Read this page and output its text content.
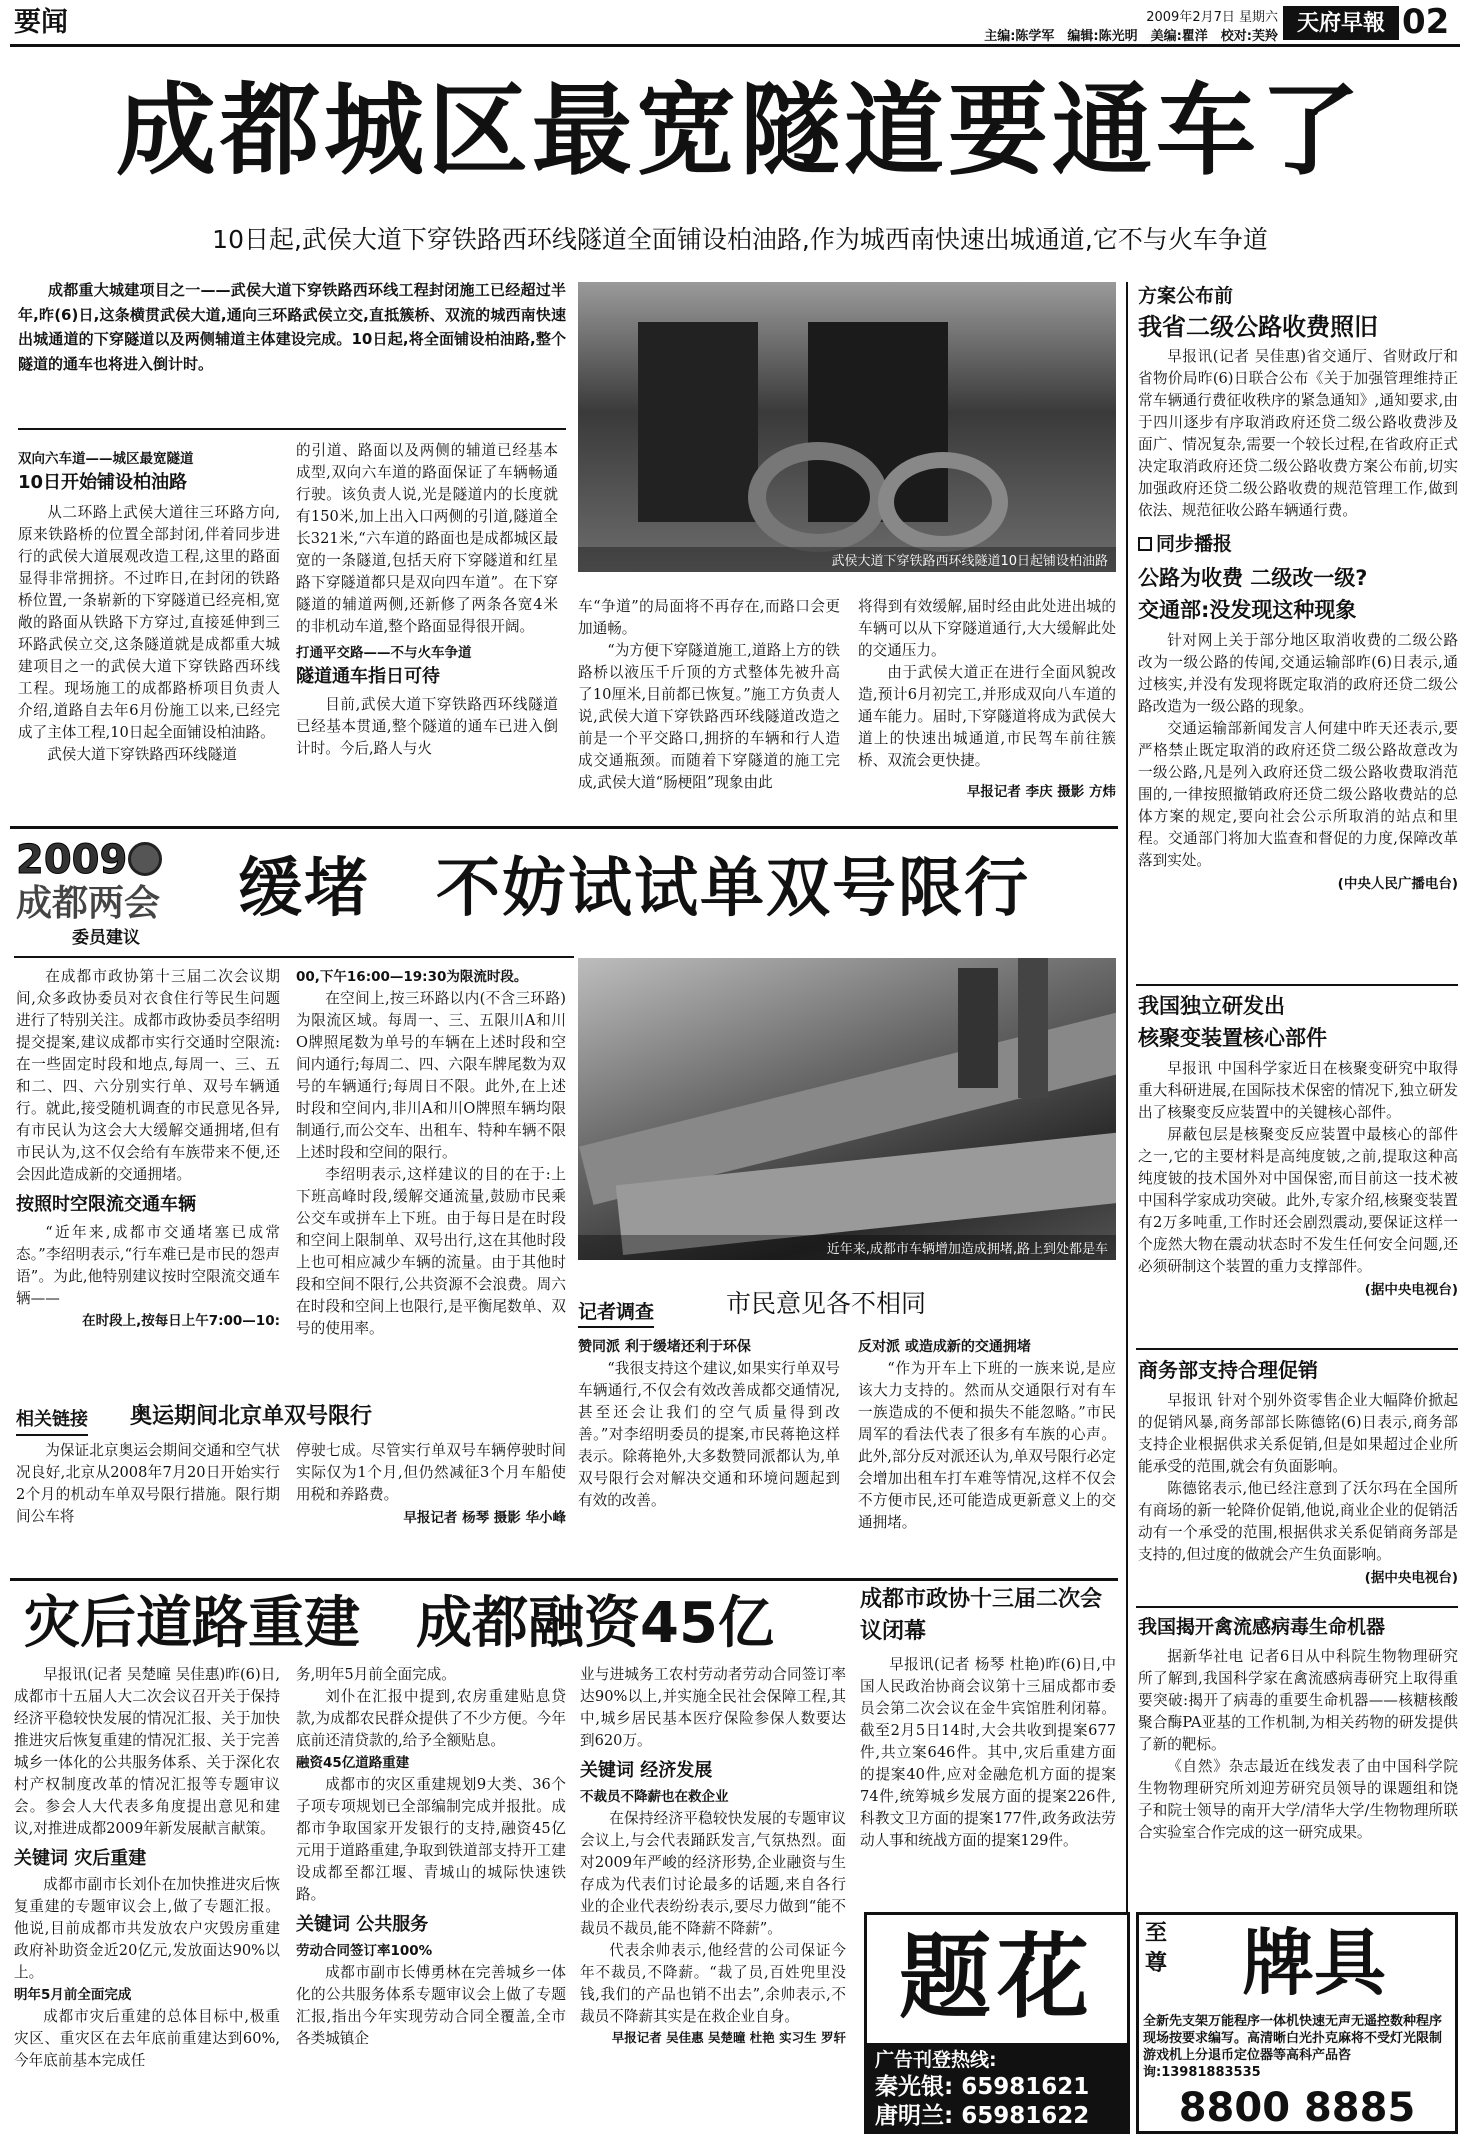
要闻	2009年2月7日 星期六
主编:陈学军　编辑:陈光明　美编:瞿洋　校对:芙羚
天府早報 02
成都城区最宽隧道要通车了
10日起,武侯大道下穿铁路西环线隧道全面铺设柏油路,作为城西南快速出城通道,它不与火车争道
成都重大城建项目之一——武侯大道下穿铁路西环线工程封闭施工已经超过半年,昨(6)日,这条横贯武侯大道,通向三环路武侯立交,直抵簇桥、双流的城西南快速出城通道的下穿隧道以及两侧辅道主体建设完成。10日起,将全面铺设柏油路,整个隧道的通车也将进入倒计时。
武侯大道下穿铁路西环线隧道10日起铺设柏油路
双向六车道——城区最宽隧道
10日开始铺设柏油路
从二环路上武侯大道往三环路方向,原来铁路桥的位置全部封闭,伴着同步进行的武侯大道展观改造工程,这里的路面显得非常拥挤。不过昨日,在封闭的铁路桥位置,一条崭新的下穿隧道已经亮相,宽敞的路面从铁路下方穿过,直接延伸到三环路武侯立交,这条隧道就是成都重大城建项目之一的武侯大道下穿铁路西环线工程。现场施工的成都路桥项目负责人介绍,道路自去年6月份施工以来,已经完成了主体工程,10日起全面铺设柏油路。
武侯大道下穿铁路西环线隧道
的引道、路面以及两侧的辅道已经基本成型,双向六车道的路面保证了车辆畅通行驶。该负责人说,光是隧道内的长度就有150米,加上出入口两侧的引道,隧道全长321米,“六车道的路面也是成都城区最宽的一条隧道,包括天府下穿隧道和红星路下穿隧道都只是双向四车道”。在下穿隧道的辅道两侧,还新修了两条各宽4米的非机动车道,整个路面显得很开阔。
打通平交路——不与火车争道
隧道通车指日可待
目前,武侯大道下穿铁路西环线隧道已经基本贯通,整个隧道的通车已进入倒计时。今后,路人与火
车“争道”的局面将不再存在,而路口会更加通畅。
“为方便下穿隧道施工,道路上方的铁路桥以液压千斤顶的方式整体先被升高了10厘米,目前都已恢复。”施工方负责人说,武侯大道下穿铁路西环线隧道改造之前是一个平交路口,拥挤的车辆和行人造成交通瓶颈。而随着下穿隧道的施工完成,武侯大道“肠梗阻”现象由此
将得到有效缓解,届时经由此处进出城的车辆可以从下穿隧道通行,大大缓解此处的交通压力。
由于武侯大道正在进行全面风貌改造,预计6月初完工,并形成双向八车道的通车能力。届时,下穿隧道将成为武侯大道上的快速出城通道,市民驾车前往簇桥、双流会更快捷。
早报记者 李庆 摄影 方炜
方案公布前
我省二级公路收费照旧
早报讯(记者 吴佳惠)省交通厅、省财政厅和省物价局昨(6)日联合公布《关于加强管理维持正常车辆通行费征收秩序的紧急通知》,通知要求,由于四川逐步有序取消政府还贷二级公路收费涉及面广、情况复杂,需要一个较长过程,在省政府正式决定取消政府还贷二级公路收费方案公布前,切实加强政府还贷二级公路收费的规范管理工作,做到依法、规范征收公路车辆通行费。
同步播报
公路为收费 二级改一级?
交通部:没发现这种现象
针对网上关于部分地区取消收费的二级公路改为一级公路的传闻,交通运输部昨(6)日表示,通过核实,并没有发现将既定取消的政府还贷二级公路改造为一级公路的现象。
交通运输部新闻发言人何建中昨天还表示,要严格禁止既定取消的政府还贷二级公路故意改为一级公路,凡是列入政府还贷二级公路收费取消范围的,一律按照撤销政府还贷二级公路收费站的总体方案的规定,要向社会公示所取消的站点和里程。交通部门将加大监查和督促的力度,保障改革落到实处。
(中央人民广播电台)
我国独立研发出
核聚变装置核心部件
早报讯 中国科学家近日在核聚变研究中取得重大科研进展,在国际技术保密的情况下,独立研发出了核聚变反应装置中的关键核心部件。
屏蔽包层是核聚变反应装置中最核心的部件之一,它的主要材料是高纯度铍,之前,提取这种高纯度铍的技术国外对中国保密,而目前这一技术被中国科学家成功突破。此外,专家介绍,核聚变装置有2万多吨重,工作时还会剧烈震动,要保证这样一个庞然大物在震动状态时不发生任何安全问题,还必须研制这个装置的重力支撑部件。
(据中央电视台)
商务部支持合理促销
早报讯 针对个别外资零售企业大幅降价掀起的促销风暴,商务部部长陈德铭(6)日表示,商务部支持企业根据供求关系促销,但是如果超过企业所能承受的范围,就会有负面影响。
陈德铭表示,他已经注意到了沃尔玛在全国所有商场的新一轮降价促销,他说,商业企业的促销活动有一个承受的范围,根据供求关系促销商务部是支持的,但过度的做就会产生负面影响。
(据中央电视台)
我国揭开禽流感病毒生命机器
据新华社电 记者6日从中科院生物物理研究所了解到,我国科学家在禽流感病毒研究上取得重要突破:揭开了病毒的重要生命机器——核糖核酸聚合酶PA亚基的工作机制,为相关药物的研发提供了新的靶标。
《自然》杂志最近在线发表了由中国科学院生物物理研究所刘迎芳研究员领导的课题组和饶子和院士领导的南开大学/清华大学/生物物理所联合实验室合作完成的这一研究成果。
2009
成都两会
委员建议
缓堵　不妨试试单双号限行
在成都市政协第十三届二次会议期间,众多政协委员对衣食住行等民生问题进行了特别关注。成都市政协委员李绍明提交提案,建议成都市实行交通时空限流:在一些固定时段和地点,每周一、三、五和二、四、六分别实行单、双号车辆通行。就此,接受随机调查的市民意见各异,有市民认为这会大大缓解交通拥堵,但有市民认为,这不仅会给有车族带来不便,还会因此造成新的交通拥堵。
按照时空限流交通车辆
“近年来,成都市交通堵塞已成常态。”李绍明表示,“行车难已是市民的怨声语”。为此,他特别建议按时空限流交通车辆——
在时段上,按每日上午7:00—10:
00,下午16:00—19:30为限流时段。
在空间上,按三环路以内(不含三环路)为限流区域。每周一、三、五限川A和川O牌照尾数为单号的车辆在上述时段和空间内通行;每周二、四、六限车牌尾数为双号的车辆通行;每周日不限。此外,在上述时段和空间内,非川A和川O牌照车辆均限制通行,而公交车、出租车、特种车辆不限上述时段和空间的限行。
李绍明表示,这样建议的目的在于:上下班高峰时段,缓解交通流量,鼓励市民乘公交车或拼车上下班。由于每日是在时段和空间上限制单、双号出行,这在其他时段上也可相应减少车辆的流量。由于其他时段和空间不限行,公共资源不会浪费。周六在时段和空间上也限行,是平衡尾数单、双号的使用率。
近年来,成都市车辆增加造成拥堵,路上到处都是车
记者调查	市民意见各不相同
赞同派 利于缓堵还利于环保
“我很支持这个建议,如果实行单双号车辆通行,不仅会有效改善成都交通情况,甚至还会让我们的空气质量得到改善。”对李绍明委员的提案,市民蒋艳这样表示。除蒋艳外,大多数赞同派都认为,单双号限行会对解决交通和环境问题起到有效的改善。
反对派 或造成新的交通拥堵
“作为开车上下班的一族来说,是应该大力支持的。然而从交通限行对有车一族造成的不便和损失不能忽略。”市民周军的看法代表了很多有车族的心声。此外,部分反对派还认为,单双号限行必定会增加出租车打车难等情况,这样不仅会不方便市民,还可能造成更新意义上的交通拥堵。
相关链接 奥运期间北京单双号限行
为保证北京奥运会期间交通和空气状况良好,北京从2008年7月20日开始实行2个月的机动车单双号限行措施。限行期间公车将
停驶七成。尽管实行单双号车辆停驶时间实际仅为1个月,但仍然减征3个月车船使用税和养路费。
早报记者 杨琴 摄影 华小峰
灾后道路重建　成都融资45亿
早报讯(记者 吴楚曈 吴佳惠)昨(6)日,成都市十五届人大二次会议召开关于保持经济平稳较快发展的情况汇报、关于加快推进灾后恢复重建的情况汇报、关于完善城乡一体化的公共服务体系、关于深化农村产权制度改革的情况汇报等专题审议会。参会人大代表多角度提出意见和建议,对推进成都2009年新发展献言献策。
关键词 灾后重建
成都市副市长刘仆在加快推进灾后恢复重建的专题审议会上,做了专题汇报。他说,目前成都市共发放农户灾毁房重建政府补助资金近20亿元,发放面达90%以上。
明年5月前全面完成
成都市灾后重建的总体目标中,极重灾区、重灾区在去年底前重建达到60%,今年底前基本完成任
务,明年5月前全面完成。
刘仆在汇报中提到,农房重建贴息贷款,为成都农民群众提供了不少方便。今年底前还清贷款的,给予全额贴息。
融资45亿道路重建
成都市的灾区重建规划9大类、36个子项专项规划已全部编制完成并报批。成都市争取国家开发银行的支持,融资45亿元用于道路重建,争取到铁道部支持开工建设成都至都江堰、青城山的城际快速铁路。
关键词 公共服务
劳动合同签订率100%
成都市副市长傅勇林在完善城乡一体化的公共服务体系专题审议会上做了专题汇报,指出今年实现劳动合同全覆盖,全市各类城镇企
业与进城务工农村劳动者劳动合同签订率达90%以上,并实施全民社会保障工程,其中,城乡居民基本医疗保险参保人数要达到620万。
关键词 经济发展
不裁员不降薪也在救企业
在保持经济平稳较快发展的专题审议会议上,与会代表踊跃发言,气氛热烈。面对2009年严峻的经济形势,企业融资与生存成为代表们讨论最多的话题,来自各行业的企业代表纷纷表示,要尽力做到“能不裁员不裁员,能不降薪不降薪”。
代表余帅表示,他经营的公司保证今年不裁员,不降薪。“裁了员,百姓兜里没钱,我们的产品也销不出去”,余帅表示,不裁员不降薪其实是在救企业自身。
早报记者 吴佳惠 吴楚曈 杜艳 实习生 罗轩
成都市政协十三届二次会议闭幕
早报讯(记者 杨琴 杜艳)昨(6)日,中国人民政治协商会议第十三届成都市委员会第二次会议在金牛宾馆胜利闭幕。截至2月5日14时,大会共收到提案677件,共立案646件。其中,灾后重建方面的提案40件,应对金融危机方面的提案74件,统筹城乡发展方面的提案226件,科教文卫方面的提案177件,政务政法劳动人事和统战方面的提案129件。
题花
广告刊登热线:
秦光银: 65981621
唐明兰: 65981622
至
尊	牌具
全新先支架万能程序一体机快速无声无遥控数种程序现场按要求编写。高清晰白光扑克麻将不受灯光限制游戏机上分退币定位器等高科产品咨询:13981883535
8800 8885
